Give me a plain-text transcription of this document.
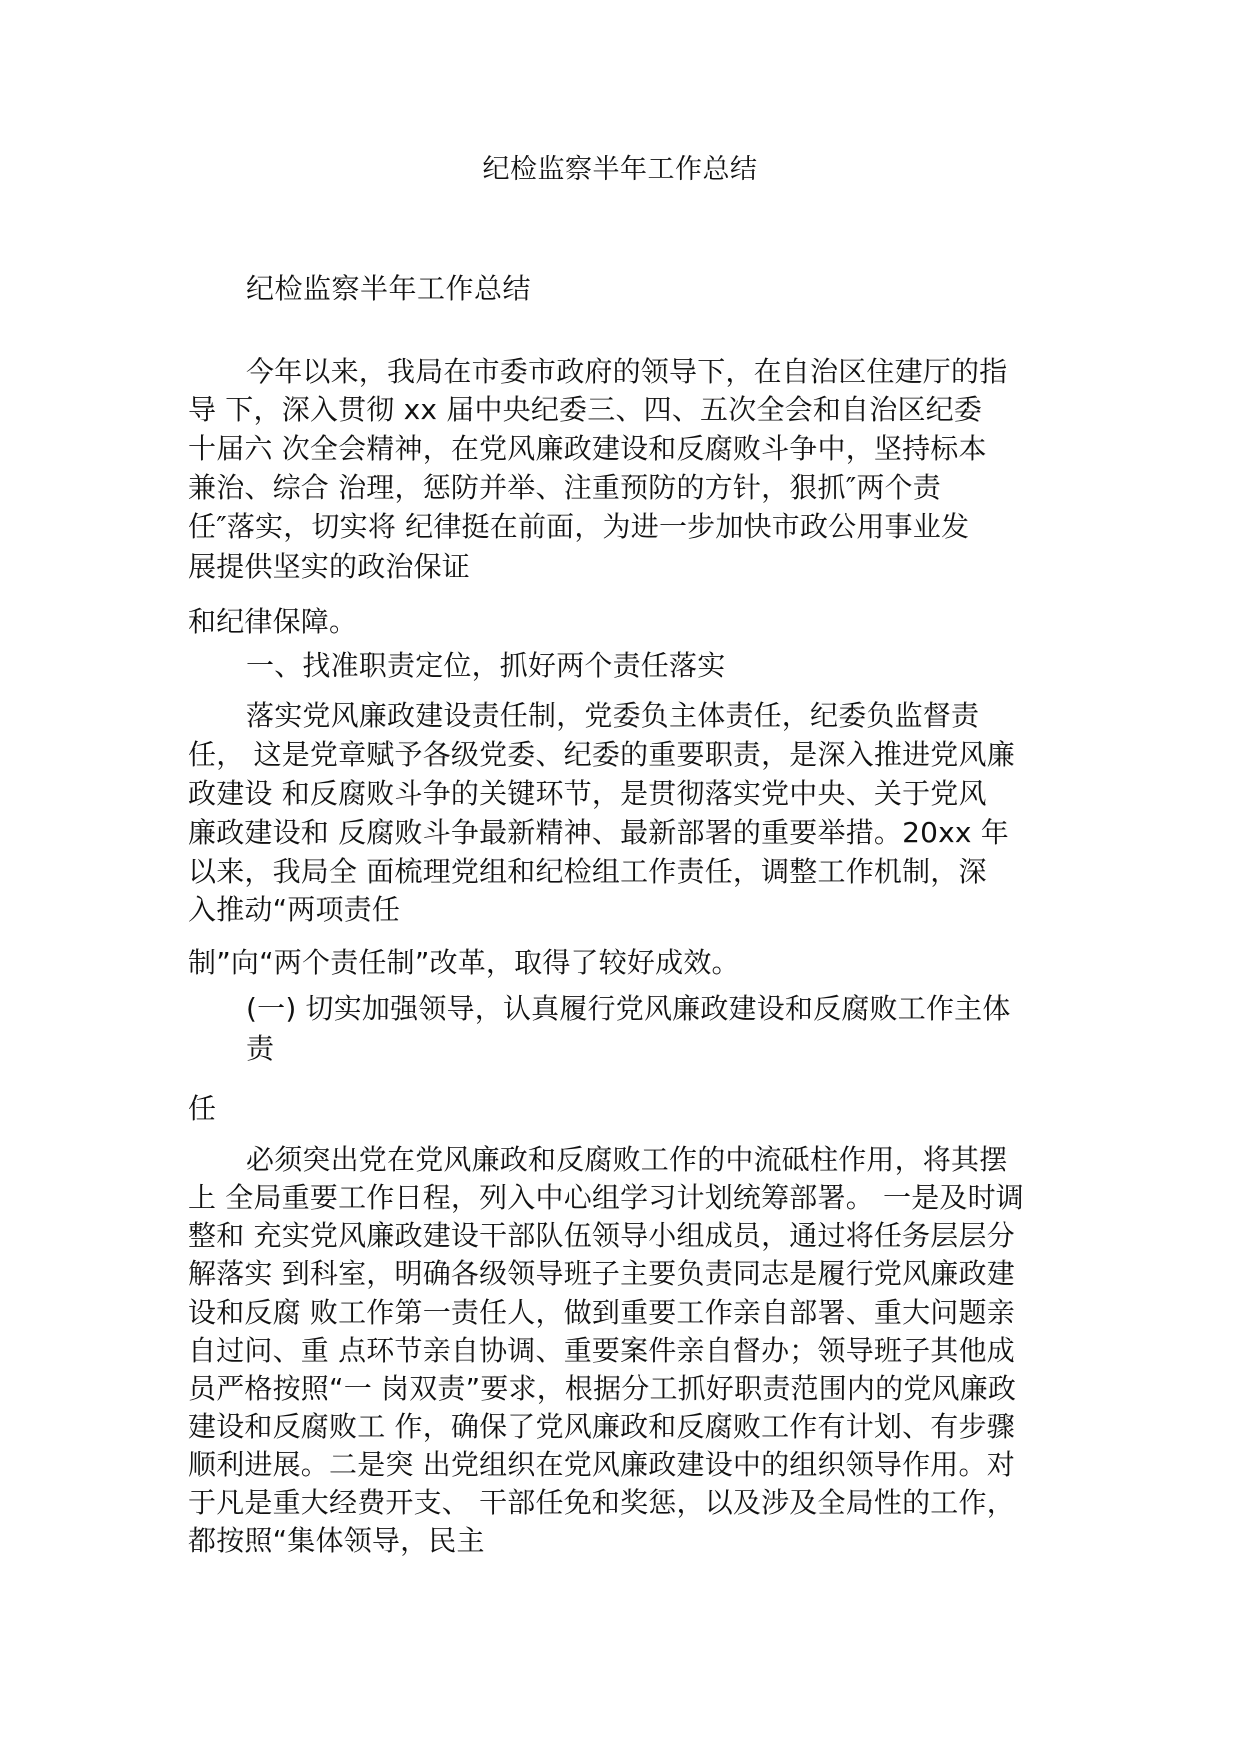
纪检监察半年工作总结
纪检监察半年工作总结
今年以来，我局在市委市政府的领导下，在自治区住建厅的指
导 下，深入贯彻 xx 届中央纪委三、四、五次全会和自治区纪委
十届六 次全会精神，在党风廉政建设和反腐败斗争中，坚持标本
兼治、综合 治理，惩防并举、注重预防的方针，狠抓″两个责
任″落实，切实将 纪律挺在前面，为进一步加快市政公用事业发
展提供坚实的政治保证
和纪律保障。
一、找准职责定位，抓好两个责任落实
落实党风廉政建设责任制，党委负主体责任，纪委负监督责
任， 这是党章赋予各级党委、纪委的重要职责，是深入推进党风廉
政建设 和反腐败斗争的关键环节，是贯彻落实党中央、关于党风
廉政建设和 反腐败斗争最新精神、最新部署的重要举措。20xx 年
以来，我局全 面梳理党组和纪检组工作责任，调整工作机制，深
入推动“两项责任
制”向“两个责任制”改革，取得了较好成效。
(一) 切实加强领导，认真履行党风廉政建设和反腐败工作主体
责
任
必须突出党在党风廉政和反腐败工作的中流砥柱作用，将其摆
上 全局重要工作日程，列入中心组学习计划统筹部署。 一是及时调
整和 充实党风廉政建设干部队伍领导小组成员，通过将任务层层分
解落实 到科室，明确各级领导班子主要负责同志是履行党风廉政建
设和反腐 败工作第一责任人，做到重要工作亲自部署、重大问题亲
自过问、重 点环节亲自协调、重要案件亲自督办；领导班子其他成
员严格按照“一 岗双责”要求，根据分工抓好职责范围内的党风廉政
建设和反腐败工 作，确保了党风廉政和反腐败工作有计划、有步骤
顺利进展。二是突 出党组织在党风廉政建设中的组织领导作用。对
于凡是重大经费开支、 干部任免和奖惩，以及涉及全局性的工作，
都按照“集体领导，民主
